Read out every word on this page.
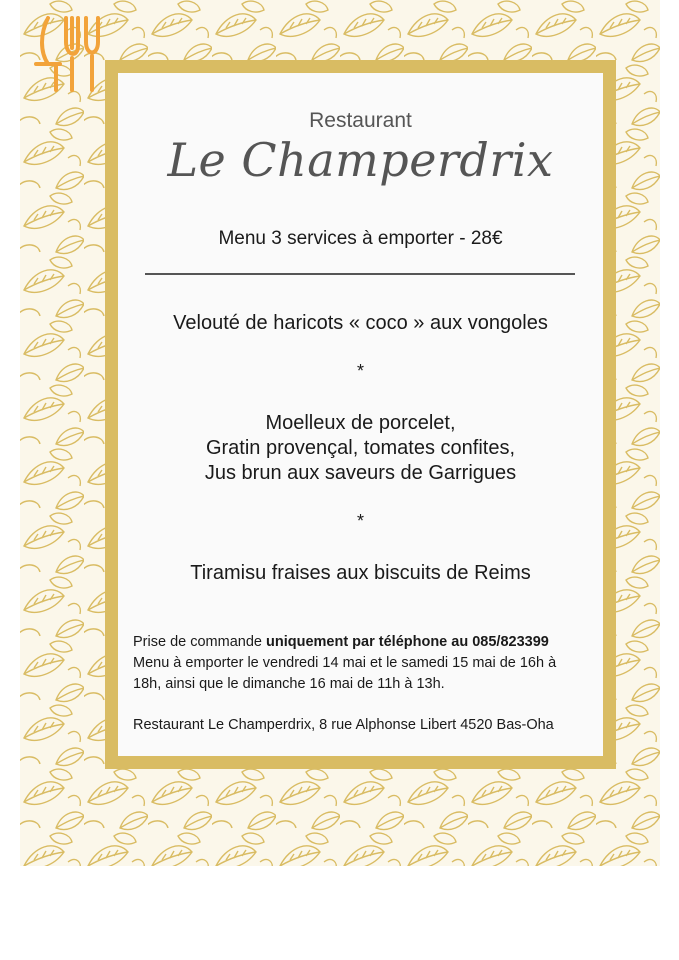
Restaurant
Le Champerdrix
Menu 3 services à emporter - 28€
Velouté de haricots « coco » aux vongoles
*
Moelleux de porcelet,
Gratin provençal, tomates confites,
Jus brun aux saveurs de Garrigues
*
Tiramisu fraises aux biscuits de Reims
Prise de commande uniquement par téléphone au 085/823399
Menu à emporter le vendredi 14 mai et le samedi 15 mai de 16h à 18h, ainsi que le dimanche 16 mai de 11h à 13h.
Restaurant Le Champerdrix, 8 rue Alphonse Libert 4520 Bas-Oha
